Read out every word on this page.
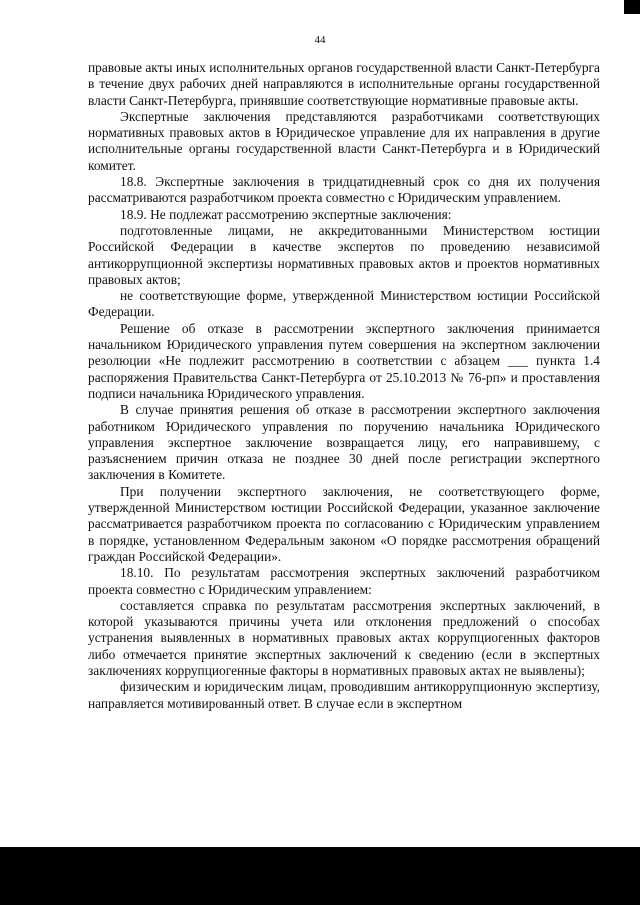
44

правовые акты иных исполнительных органов государственной власти Санкт-Петербурга в течение двух рабочих дней направляются в исполнительные органы государственной власти Санкт-Петербурга, принявшие соответствующие нормативные правовые акты.

Экспертные заключения представляются разработчиками соответствующих нормативных правовых актов в Юридическое управление для их направления в другие исполнительные органы государственной власти Санкт-Петербурга и в Юридический комитет.

18.8. Экспертные заключения в тридцатидневный срок со дня их получения рассматриваются разработчиком проекта совместно с Юридическим управлением.

18.9. Не подлежат рассмотрению экспертные заключения:

подготовленные лицами, не аккредитованными Министерством юстиции Российской Федерации в качестве экспертов по проведению независимой антикоррупционной экспертизы нормативных правовых актов и проектов нормативных правовых актов;

не соответствующие форме, утвержденной Министерством юстиции Российской Федерации.

Решение об отказе в рассмотрении экспертного заключения принимается начальником Юридического управления путем совершения на экспертном заключении резолюции «Не подлежит рассмотрению в соответствии с абзацем ___ пункта 1.4 распоряжения Правительства Санкт-Петербурга от 25.10.2013 № 76-рп» и проставления подписи начальника Юридического управления.

В случае принятия решения об отказе в рассмотрении экспертного заключения работником Юридического управления по поручению начальника Юридического управления экспертное заключение возвращается лицу, его направившему, с разъяснением причин отказа не позднее 30 дней после регистрации экспертного заключения в Комитете.

При получении экспертного заключения, не соответствующего форме, утвержденной Министерством юстиции Российской Федерации, указанное заключение рассматривается разработчиком проекта по согласованию с Юридическим управлением в порядке, установленном Федеральным законом «О порядке рассмотрения обращений граждан Российской Федерации».

18.10. По результатам рассмотрения экспертных заключений разработчиком проекта совместно с Юридическим управлением:

составляется справка по результатам рассмотрения экспертных заключений, в которой указываются причины учета или отклонения предложений о способах устранения выявленных в нормативных правовых актах коррупциогенных факторов либо отмечается принятие экспертных заключений к сведению (если в экспертных заключениях коррупциогенные факторы в нормативных правовых актах не выявлены);

физическим и юридическим лицам, проводившим антикоррупционную экспертизу, направляется мотивированный ответ. В случае если в экспертном
